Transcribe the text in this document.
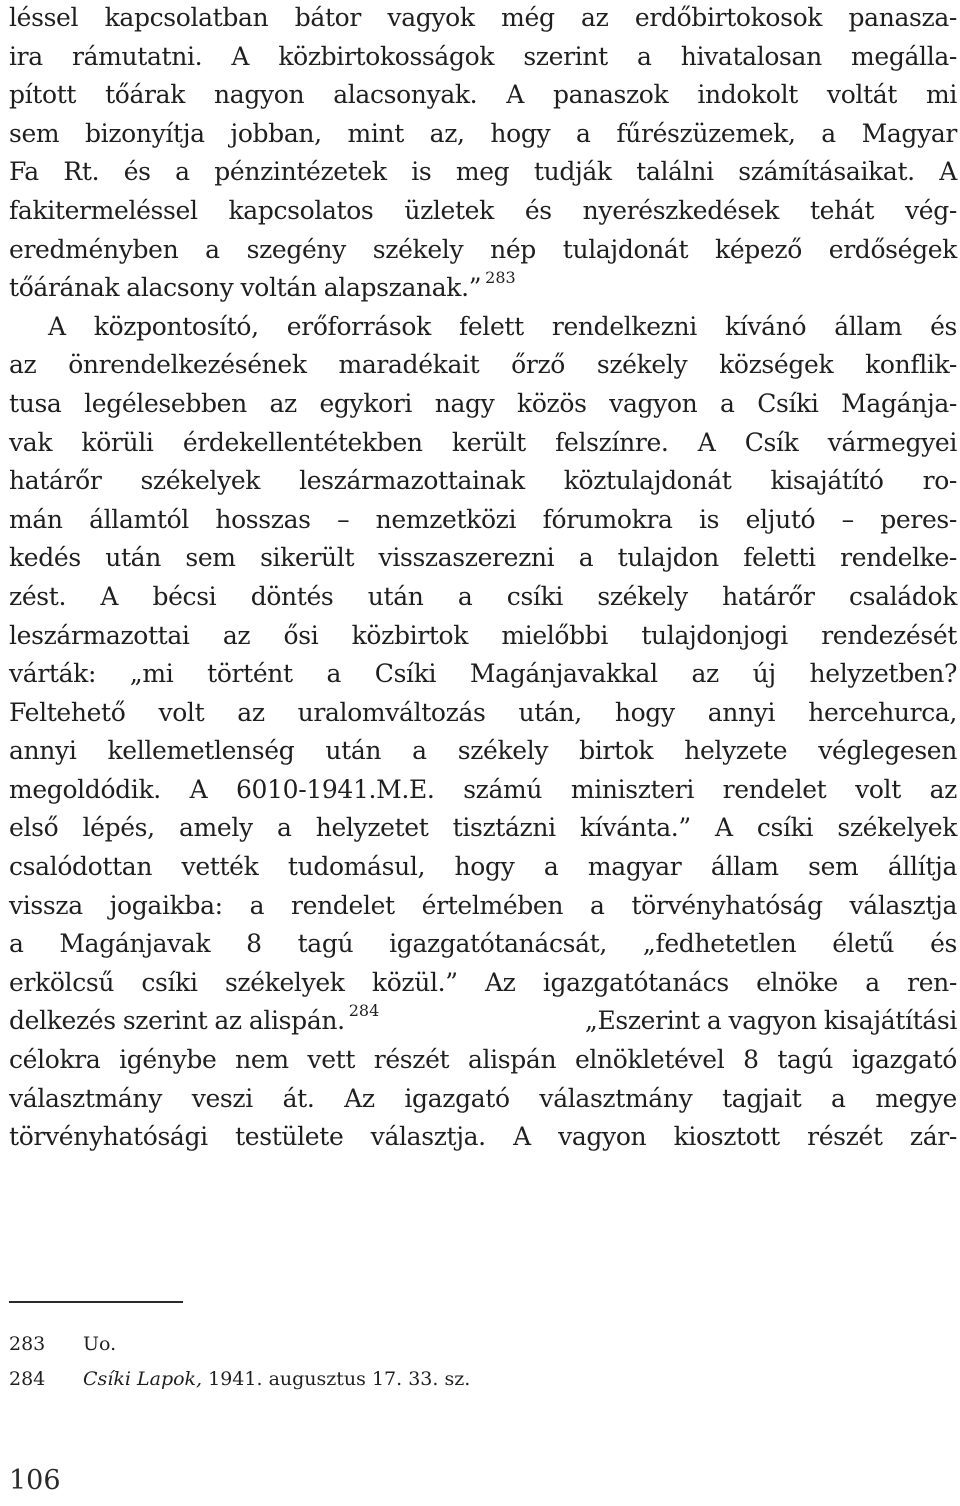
léssel kapcsolatban bátor vagyok még az erdőbirtokosok panasza-
ira rámutatni. A közbirtokosságok szerint a hivatalosan megálla-
pított tőárak nagyon alacsonyak. A panaszok indokolt voltát mi
sem bizonyítja jobban, mint az, hogy a fűrészüzemek, a Magyar
Fa Rt. és a pénzintézetek is meg tudják találni számításaikat. A
fakitermeléssel kapcsolatos üzletek és nyerészkedések tehát vég-
eredményben a szegény székely nép tulajdonát képező erdőségek
tőárának alacsony voltán alapszanak.” $^{283}$
A központosító, erőforrások felett rendelkezni kívánó állam és
az önrendelkezésének maradékait őrző székely községek konflik-
tusa legélesebben az egykori nagy közös vagyon a Csíki Magánja-
vak körüli érdekellentétekben került felszínre. A Csík vármegyei
határőr székelyek leszármazottainak köztulajdonát kisajátító ro-
mán államtól hosszas – nemzetközi fórumokra is eljutó – peres-
kedés után sem sikerült visszaszerezni a tulajdon feletti rendelke-
zést. A bécsi döntés után a csíki székely határőr családok
leszármazottai az ősi közbirtok mielőbbi tulajdonjogi rendezését
várták: „mi történt a Csíki Magánjavakkal az új helyzetben?
Feltehető volt az uralomváltozás után, hogy annyi hercehurca,
annyi kellemetlenség után a székely birtok helyzete véglegesen
megoldódik. A 6010-1941.M.E. számú miniszteri rendelet volt az
első lépés, amely a helyzetet tisztázni kívánta.” A csíki székelyek
csalódottan vették tudomásul, hogy a magyar állam sem állítja
vissza jogaikba: a rendelet értelmében a törvényhatóság választja
a Magánjavak 8 tagú igazgatótanácsát, „fedhetetlen életű és
erkölcsű csíki székelyek közül.” Az igazgatótanács elnöke a ren-
delkezés szerint az alispán. $^{284}$	„Eszerint a vagyon kisajátítási
célokra igénybe nem vett részét alispán elnökletével 8 tagú igazgató
választmány veszi át. Az igazgató választmány tagjait a megye
törvényhatósági testülete választja. A vagyon kiosztott részét zár-
283 Uo.
284 Csíki Lapok, 1941. augusztus 17. 33. sz.
106
